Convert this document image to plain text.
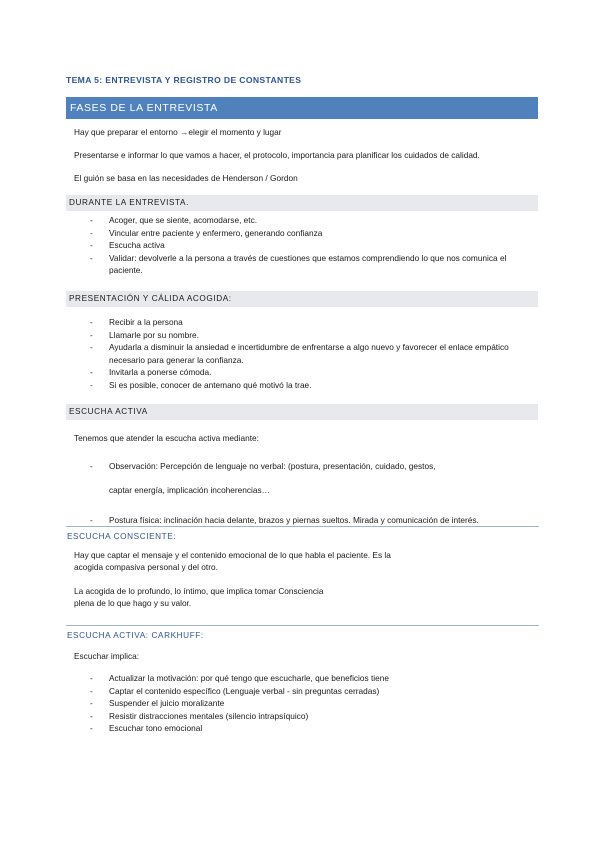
TEMA 5: ENTREVISTA Y REGISTRO DE CONSTANTES
FASES DE LA ENTREVISTA
Hay que preparar el entorno →elegir el momento y lugar
Presentarse e informar lo que vamos a hacer, el protocolo, importancia para planificar los cuidados de calidad.
El guión se basa en las necesidades de Henderson / Gordon
DURANTE LA ENTREVISTA.
- Acoger, que se siente, acomodarse, etc.
- Vincular entre paciente y enfermero, generando confianza
- Escucha activa
- Validar: devolverle a la persona a través de cuestiones que estamos comprendiendo lo que nos comunica el paciente.
PRESENTACIÓN Y CÁLIDA ACOGIDA:
- Recibir a la persona
- Llamarle por su nombre.
- Ayudarla a disminuir la ansiedad e incertidumbre de enfrentarse a algo nuevo y favorecer el enlace empático necesario para generar la confianza.
- Invitarla a ponerse cómoda.
- Si es posible, conocer de antemano qué motivó la trae.
ESCUCHA ACTIVA
Tenemos que atender la escucha activa mediante:
- Observación: Percepción de lenguaje no verbal: (postura, presentación, cuidado, gestos,
captar energía, implicación incoherencias…
- Postura física: inclinación hacia delante, brazos y piernas sueltos. Mirada y comunicación de interés.
ESCUCHA CONSCIENTE:
Hay que captar el mensaje y el contenido emocional de lo que habla el paciente. Es la
acogida compasiva personal y del otro.
La acogida de lo profundo, lo íntimo, que implica tomar Consciencia
plena de lo que hago y su valor.
ESCUCHA ACTIVA: CARKHUFF:
Escuchar implica:
- Actualizar la motivación: por qué tengo que escucharle, que beneficios tiene
- Captar el contenido específico (Lenguaje verbal - sin preguntas cerradas)
- Suspender el juicio moralizante
- Resistir distracciones mentales (silencio intrapsíquico)
- Escuchar tono emocional
